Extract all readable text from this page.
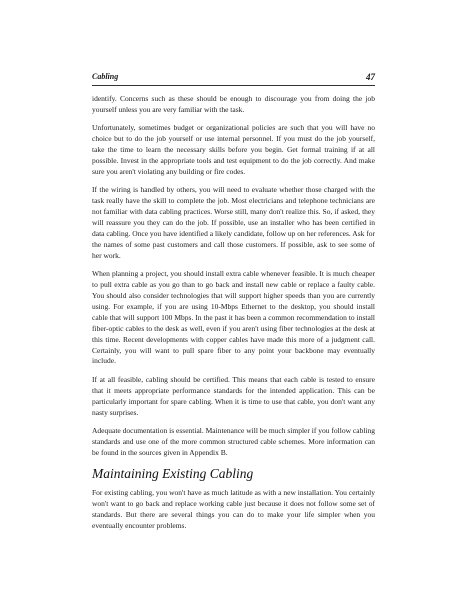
Cabling	47

identify. Concerns such as these should be enough to discourage you from doing the job yourself unless you are very familiar with the task.

Unfortunately, sometimes budget or organizational policies are such that you will have no choice but to do the job yourself or use internal personnel. If you must do the job yourself, take the time to learn the necessary skills before you begin. Get formal training if at all possible. Invest in the appropriate tools and test equipment to do the job correctly. And make sure you aren't violating any building or fire codes.

If the wiring is handled by others, you will need to evaluate whether those charged with the task really have the skill to complete the job. Most electricians and telephone technicians are not familiar with data cabling practices. Worse still, many don't realize this. So, if asked, they will reassure you they can do the job. If possible, use an installer who has been certified in data cabling. Once you have identified a likely candidate, follow up on her references. Ask for the names of some past customers and call those customers. If possible, ask to see some of her work.

When planning a project, you should install extra cable whenever feasible. It is much cheaper to pull extra cable as you go than to go back and install new cable or replace a faulty cable. You should also consider technologies that will support higher speeds than you are currently using. For example, if you are using 10-Mbps Ethernet to the desktop, you should install cable that will support 100 Mbps. In the past it has been a common recommendation to install fiber-optic cables to the desk as well, even if you aren't using fiber technologies at the desk at this time. Recent developments with copper cables have made this more of a judgment call. Certainly, you will want to pull spare fiber to any point your backbone may eventually include.

If at all feasible, cabling should be certified. This means that each cable is tested to ensure that it meets appropriate performance standards for the intended application. This can be particularly important for spare cabling. When it is time to use that cable, you don't want any nasty surprises.

Adequate documentation is essential. Maintenance will be much simpler if you follow cabling standards and use one of the more common structured cable schemes. More information can be found in the sources given in Appendix B.

Maintaining Existing Cabling

For existing cabling, you won't have as much latitude as with a new installation. You certainly won't want to go back and replace working cable just because it does not follow some set of standards. But there are several things you can do to make your life simpler when you eventually encounter problems.
